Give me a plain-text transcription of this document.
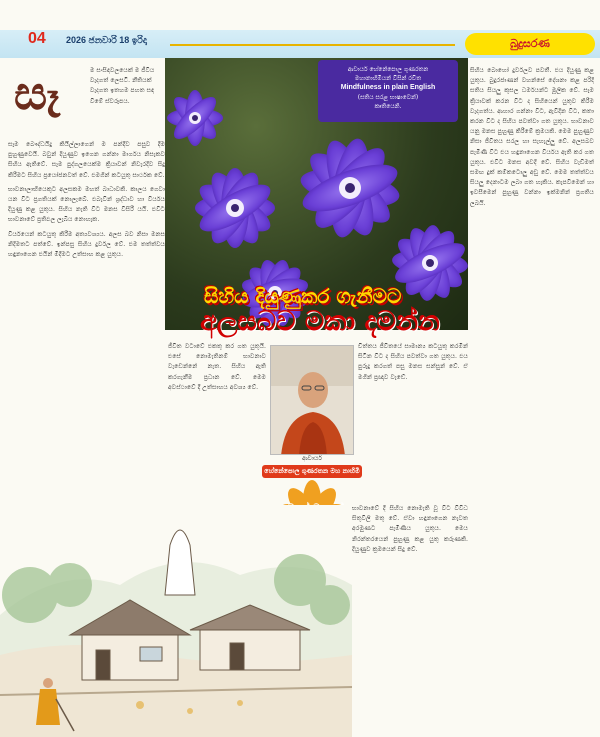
04 2026 ජනවාරි 18 ඉරිදා	බුදුසරණ
සෑ	ම සංසිඳවලයෙක් ම ජීවිය වැදගත් ලෙසටි. නීතියක් වැදගත ඉතහම පහත සඳ වීමේ ස්වරූපය.

සෑම බෞද්ධයිදු කියිල්ලාගෙන් ම පන්දීව පසුව දීම පුහුණුවෙයි. බවුන් දියුණුව ඉගෙන ගන්නා මාර්ගය නිසැකව සිහිය ඇතිවේ. සෑම පුද්ගලයෙක්ම ක්‍රියාවන් නිවැරදිව සිදු කිරීමට සිහිය ප්‍රයෝජනවත් වේ. එමගින් කටයුතු සාර්ථක වේ.

භාවනාලාභියෙකුට අලසකම මහත් බාධාවකි. කාලය ගෙවා යන විට ප්‍රගතියක් නොලැබේ. එබැවින් ශ්‍රද්ධාව හා වීර්යය දියුණු කළ යුතුය. සිහිය නැති විට මනස විසිරී යයි. එවිට භාවනාවේ ප්‍රතිඵල ලැබිය නොහැක.

වීර්යයෙන් කටයුතු කිරීම අත්‍යවශ්‍යය. අලස බව නිසා මනස නිදිමතට පත්වේ. ඉන්පසු සිහිය දුර්වල වේ. එම තත්ත්වය හඳුනාගෙන එයින් මිදීමට උත්සාහ කළ යුතුය.

ආචාර්ය හේනේපොල ගුණරතන
මහානාහිමියන් විසින් රචිත
Mindfulness in plain English
(සතිය සරළ භාෂාවෙන්)
කෘතියෙනි.
සිහිය දියුණුකර ගැනීමට
අලසබව මකා දමන්න

සිහිය බොහෝ දුර්වලව පවතී. එය දියුණු කළ යුතුය. බුදුරජාණන් වහන්සේ දේශනා කළ පරිදි සතිය සියලු කුසල ධර්මයන්ට මූලික වේ. සෑම ක්‍රියාවක් කරන විට ද සිහියෙන් යුතුව කිරීම වැදගත්ය. ආහාර ගන්නා විට, ඇවිදින විට, කතා කරන විට ද සිහිය පවත්වා ගත යුතුය. භාවනාව යනු මනස පුහුණු කිරීමේ ක්‍රමයකි. මෙම පුහුණුව නිසා ජීවිතය සරල හා සැහැල්ලු වේ. අලසබව පැමිණි විට එය හඳුනාගෙන වීර්යය ඇති කර ගත යුතුය. එවිට මනස අවදි වේ. සිහිය වැඩීමත් සමඟ දුක් කම්කටොලු අඩු වේ. මෙම තත්ත්වය සියලු දෙනාටම ලබා ගත හැකිය. කැපවීමෙන් හා ඉවසීමෙන් පුහුණු වන්නා ඉක්මනින් ප්‍රගතිය ලබයි.

ජීවිත වටාවේ එකතු කර ගත යුතුයි. එසේ නොමැතිනම් භාවනාව වැඩෙන්නේ නැත. සිහිය ඇති කරගැනීම ප්‍රධාන වේ. මෙම අවස්ථාවේ දී උත්සාහය අවශ්‍ය වේ.

චිත්තය ජීවිතයේ සාමාන්‍ය කටයුතු කරමින් සිටින විට ද සිහිය පවත්වා ගත යුතුය. එය පුරුදු කරගත් පසු මනස සන්සුන් වේ. ඒ මගින් ප්‍රඥාව වැඩේ.

භාවනාවේ දී සිහිය නොමැති වූ විට විවිධ සිතුවිලි මතු වේ. ඒවා හඳුනාගෙන නැවත අරමුණට පැමිණිය යුතුය. මෙය නිරන්තරයෙන් පුහුණු කළ යුතු කරුණකි. දියුණුව ක්‍රමයෙන් සිදු වේ.

ආචාර්ය
හේනේපොල ගුණරතන මහ නාහිමි
